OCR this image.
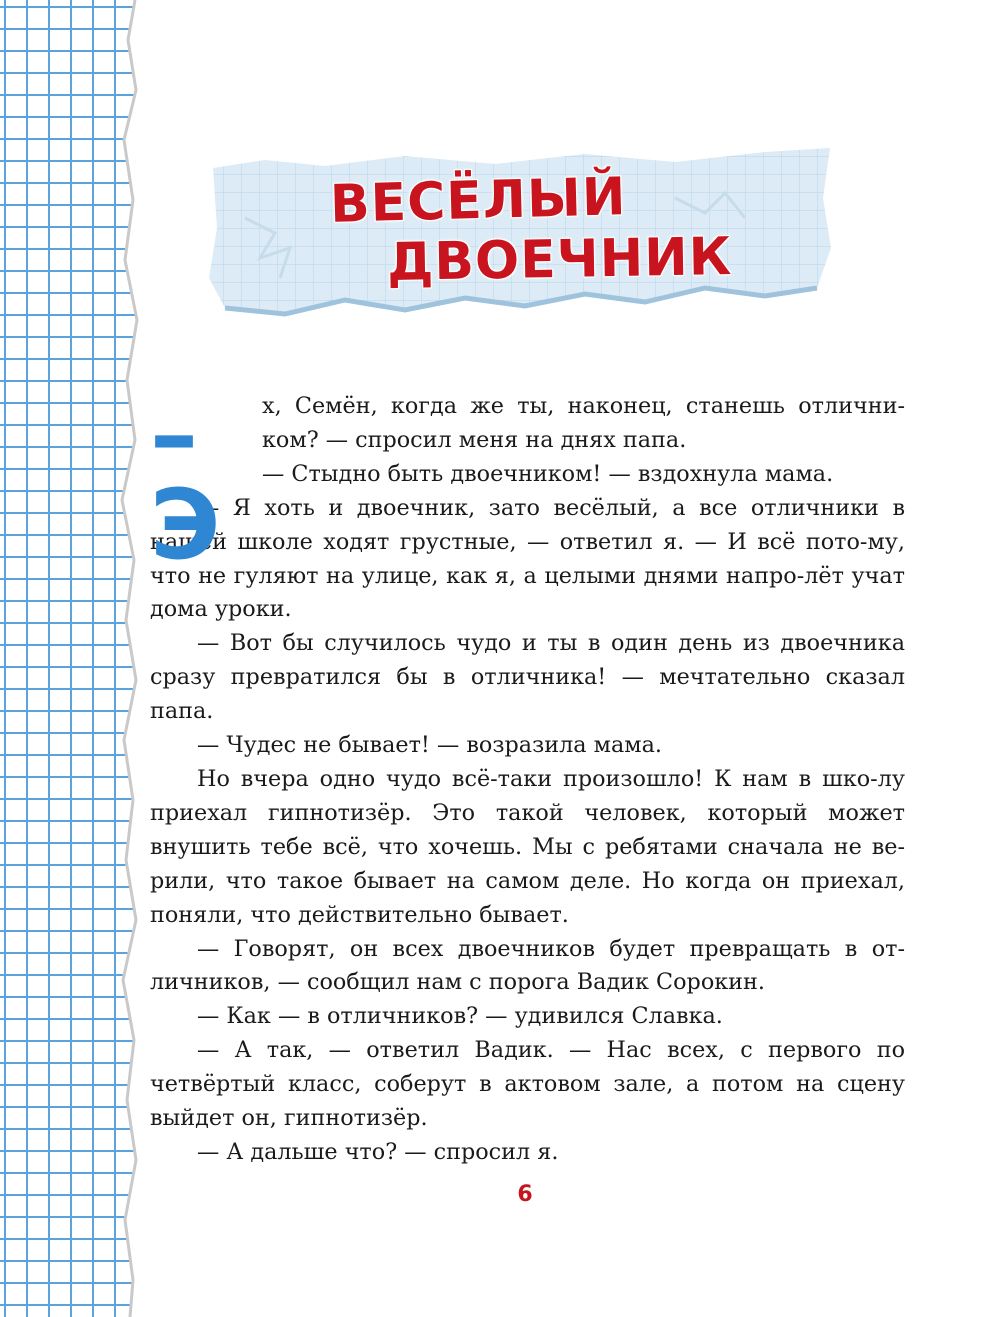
ВЕСЁЛЫЙ
ДВОЕЧНИК
–Э

х, Семён, когда же ты, наконец, станешь отлични-ком? — спросил меня на днях папа.

— Стыдно быть двоечником! — вздохнула мама.

— Я хоть и двоечник, зато весёлый, а все отличники в нашей школе ходят грустные, — ответил я. — И всё пото-му, что не гуляют на улице, как я, а целыми днями напро-лёт учат дома уроки.

— Вот бы случилось чудо и ты в один день из двоечника сразу превратился бы в отличника! — мечтательно сказал папа.

— Чудес не бывает! — возразила мама.

Но вчера одно чудо всё-таки произошло! К нам в шко-лу приехал гипнотизёр. Это такой человек, который может внушить тебе всё, что хочешь. Мы с ребятами сначала не ве-рили, что такое бывает на самом деле. Но когда он приехал, поняли, что действительно бывает.

— Говорят, он всех двоечников будет превращать в от-личников, — сообщил нам с порога Вадик Сорокин.

— Как — в отличников? — удивился Славка.

— А так, — ответил Вадик. — Нас всех, с первого по четвёртый класс, соберут в актовом зале, а потом на сцену выйдет он, гипнотизёр.

— А дальше что? — спросил я.

6
